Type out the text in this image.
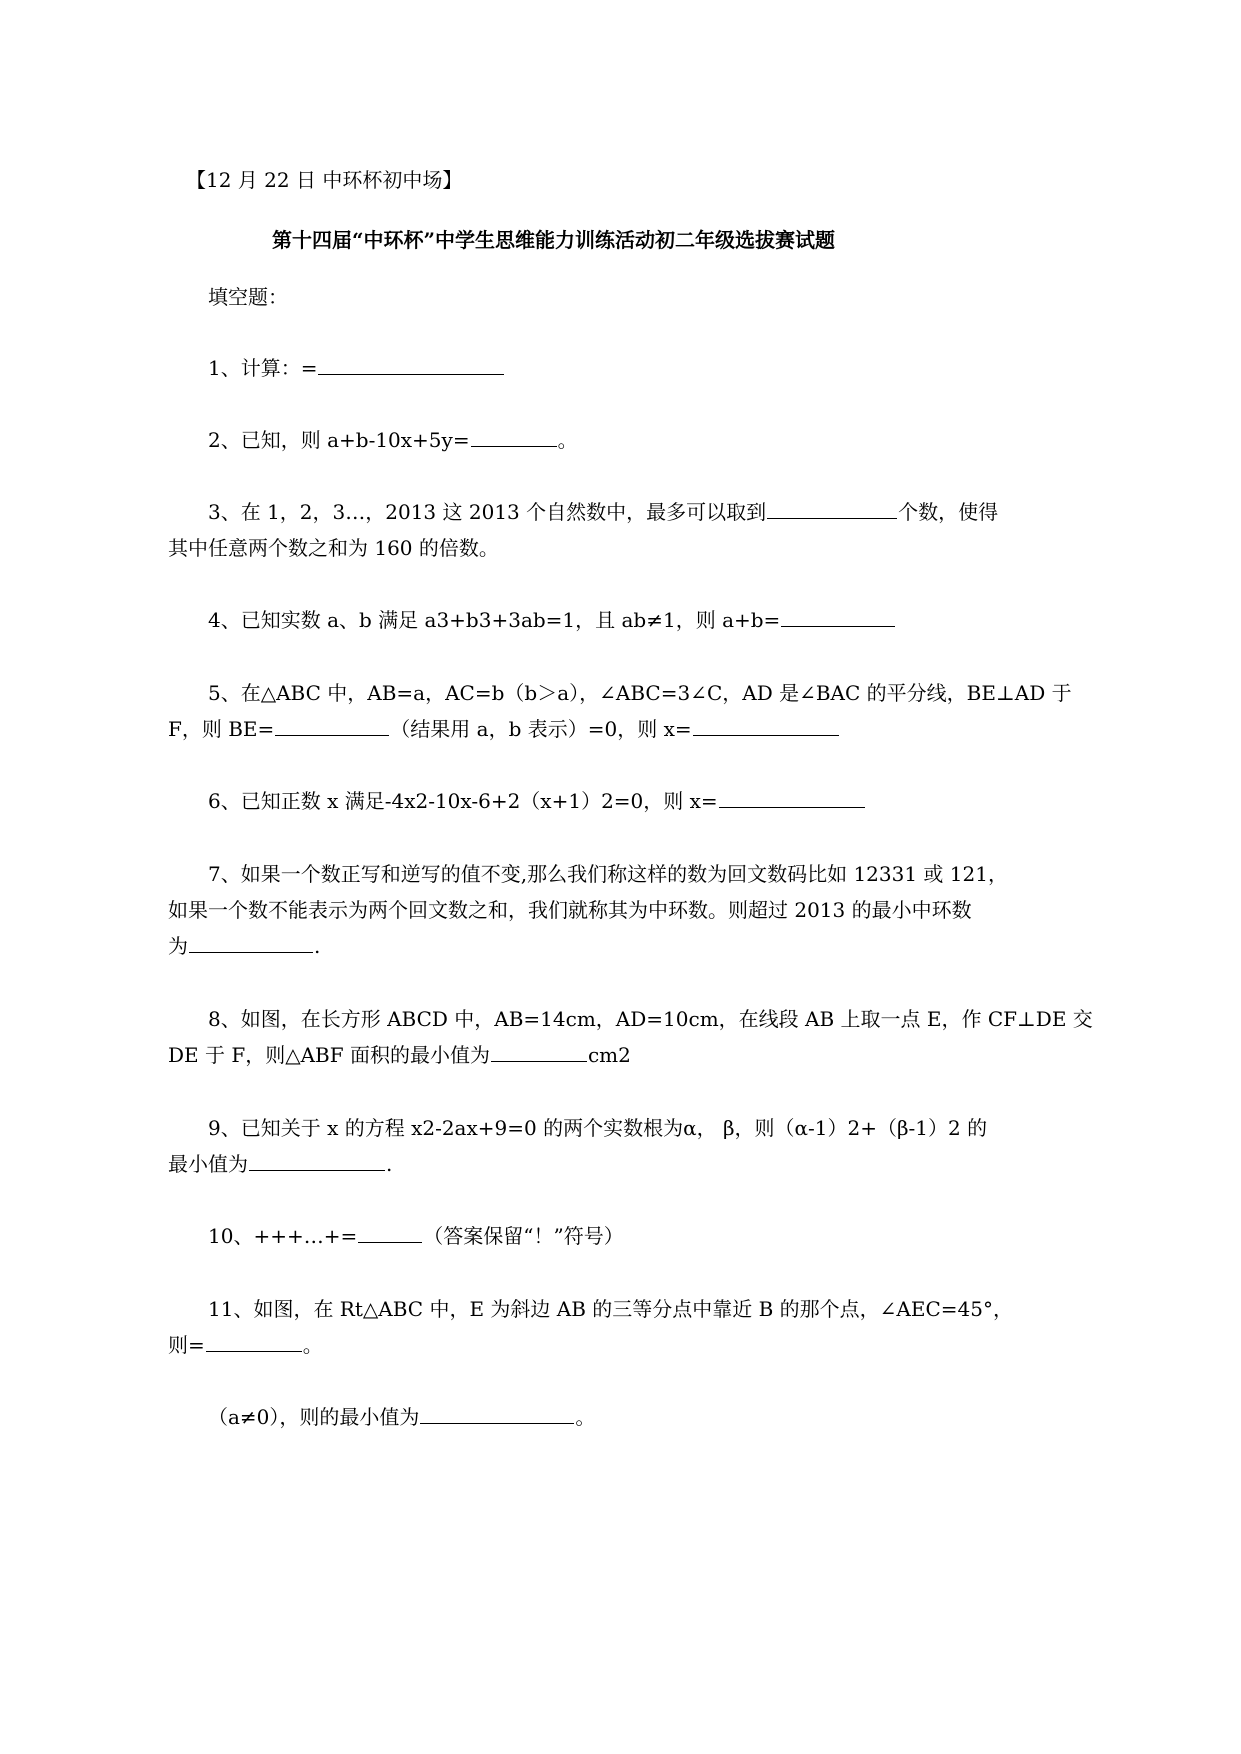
【12 月 22 日 中环杯初中场】
第十四届“中环杯”中学生思维能力训练活动初二年级选拔赛试题
填空题：
1、计算：=
2、已知，则 a+b-10x+5y=	。
3、在 1，2，3…，2013 这 2013 个自然数中，最多可以取到	个数，使得
其中任意两个数之和为 160 的倍数。
4、已知实数 a、b 满足 a3+b3+3ab=1，且 ab≠1，则 a+b=
5、在△ABC 中，AB=a，AC=b（b＞a），∠ABC=3∠C，AD 是∠BAC 的平分线，BE⊥AD 于
F，则 BE=	（结果用 a，b 表示）=0，则 x=
6、已知正数 x 满足-4x2-10x-6+2（x+1）2=0，则 x=
7、如果一个数正写和逆写的值不变,那么我们称这样的数为回文数码比如 12331 或 121，
如果一个数不能表示为两个回文数之和，我们就称其为中环数。则超过 2013 的最小中环数
为	.
8、如图，在长方形 ABCD 中，AB=14cm，AD=10cm，在线段 AB 上取一点 E，作 CF⊥DE 交
DE 于 F，则△ABF 面积的最小值为	cm2
9、已知关于 x 的方程 x2-2ax+9=0 的两个实数根为α， β，则（α-1）2+（β-1）2 的
最小值为	.
10、+++…+=	（答案保留“！”符号）
11、如图，在 Rt△ABC 中，E 为斜边 AB 的三等分点中靠近 B 的那个点，∠AEC=45°，
则=	。
（a≠0），则的最小值为	。
